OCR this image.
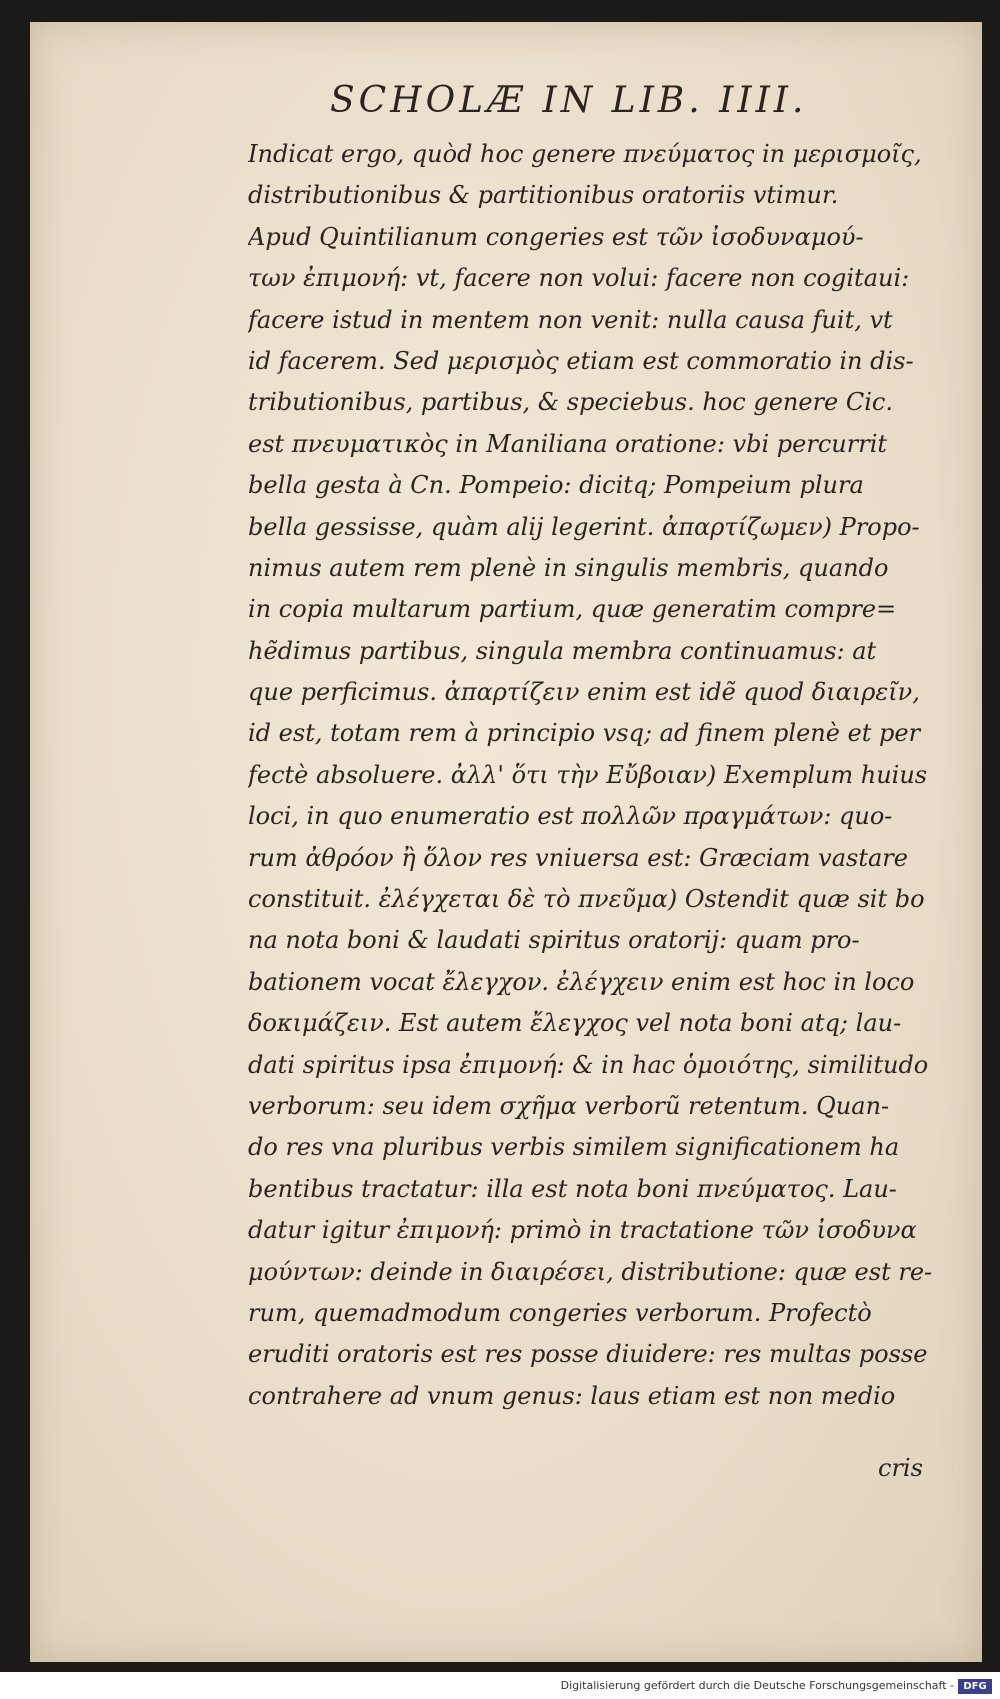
SCHOLÆ IN LIB. IIII.
Indicat ergo, quòd hoc genere πνεύματος in μερισμοῖς,
distributionibus & partitionibus oratoriis vtimur.
Apud Quintilianum congeries est τῶν ἰσοδυναμού-
των ἐπιμονή: vt, facere non volui: facere non cogitaui:
facere istud in mentem non venit: nulla causa fuit, vt
id facerem. Sed μερισμὸς etiam est commoratio in dis-
tributionibus, partibus, & speciebus. hoc genere Cic.
est πνευματικὸς in Maniliana oratione: vbi percurrit
bella gesta à Cn. Pompeio: dicitq; Pompeium plura
bella gessisse, quàm alij legerint. ἀπαρτίζωμεν) Propo-
nimus autem rem plenè in singulis membris, quando
in copia multarum partium, quæ generatim compre=
hẽdimus partibus, singula membra continuamus: at
que perficimus. ἀπαρτίζειν enim est idẽ quod διαιρεῖν,
id est, totam rem à principio vsq; ad finem plenè et per
fectè absoluere. ἀλλ' ὅτι τὴν Εὔβοιαν) Exemplum huius
loci, in quo enumeratio est πολλῶν πραγμάτων: quo-
rum ἀθρόον ἢ ὅλον res vniuersa est: Græciam vastare
constituit. ἐλέγχεται δὲ τὸ πνεῦμα) Ostendit quæ sit bo
na nota boni & laudati spiritus oratorij: quam pro-
bationem vocat ἔλεγχον. ἐλέγχειν enim est hoc in loco
δοκιμάζειν. Est autem ἔλεγχος vel nota boni atq; lau-
dati spiritus ipsa ἐπιμονή: & in hac ὁμοιότης, similitudo
verborum: seu idem σχῆμα verborũ retentum. Quan-
do res vna pluribus verbis similem significationem ha
bentibus tractatur: illa est nota boni πνεύματος. Lau-
datur igitur ἐπιμονή: primò in tractatione τῶν ἰσοδυνα
μούντων: deinde in διαιρέσει, distributione: quæ est re-
rum, quemadmodum congeries verborum. Profectò
eruditi oratoris est res posse diuidere: res multas posse
contrahere ad vnum genus: laus etiam est non medio
cris
Digitalisierung gefördert durch die Deutsche Forschungsgemeinschaft - DFG
